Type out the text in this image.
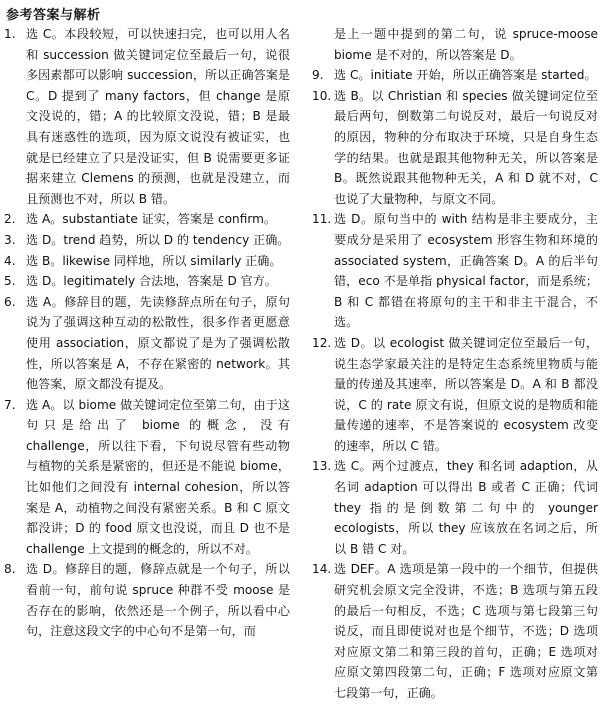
参考答案与解析
1. 选 C。本段较短，可以快速扫完，也可以用人名和 succession 做关键词定位至最后一句，说很多因素都可以影响 succession，所以正确答案是 C。D 提到了 many factors，但 change 是原文没说的，错；A 的比较原文没说，错；B 是最具有迷惑性的选项，因为原文说没有被证实，也就是已经建立了只是没证实，但 B 说需要更多证据来建立 Clemens 的预测，也就是没建立，而且预测也不对，所以 B 错。
2. 选 A。substantiate 证实，答案是 confirm。
3. 选 D。trend 趋势，所以 D 的 tendency 正确。
4. 选 B。likewise 同样地，所以 similarly 正确。
5. 选 D。legitimately 合法地，答案是 D 官方。
6. 选 A。修辞目的题，先读修辞点所在句子，原句说为了强调这种互动的松散性，很多作者更愿意使用 association，原文都说了是为了强调松散性，所以答案是 A，不存在紧密的 network。其他答案，原文都没有提及。
7. 选 A。以 biome 做关键词定位至第二句，由于这句只是给出了 biome 的概念，没有 challenge，所以往下看，下句说尽管有些动物与植物的关系是紧密的，但还是不能说 biome，比如他们之间没有 internal cohesion，所以答案是 A，动植物之间没有紧密关系。B 和 C 原文都没讲；D 的 food 原文也没说，而且 D 也不是 challenge 上文提到的概念的，所以不对。
8. 选 D。修辞目的题，修辞点就是一个句子，所以看前一句，前句说 spruce 种群不受 moose 是否存在的影响，依然还是一个例子，所以看中心句，注意这段文字的中心句不是第一句，而
是上一题中提到的第二句，说 spruce-moose biome 是不对的，所以答案是 D。
9. 选 C。initiate 开始，所以正确答案是 started。
10. 选 B。以 Christian 和 species 做关键词定位至最后两句，倒数第二句说反对，最后一句说反对的原因，物种的分布取决于环境，只是自身生态学的结果。也就是跟其他物种无关，所以答案是 B。既然说跟其他物种无关，A 和 D 就不对，C 也说了大量物种，与原文不同。
11. 选 D。原句当中的 with 结构是非主要成分，主要成分是采用了 ecosystem 形容生物和环境的 associated system，正确答案 D。A 的后半句错，eco 不是单指 physical factor，而是系统；B 和 C 都错在将原句的主干和非主干混合，不选。
12. 选 D。以 ecologist 做关键词定位至最后一句，说生态学家最关注的是特定生态系统里物质与能量的传递及其速率，所以答案是 D。A 和 B 都没说，C 的 rate 原文有说，但原文说的是物质和能量传递的速率，不是答案说的 ecosystem 改变的速率，所以 C 错。
13. 选 C。两个过渡点，they 和名词 adaption，从名词 adaption 可以得出 B 或者 C 正确；代词 they 指的是倒数第二句中的 younger ecologists，所以 they 应该放在名词之后，所以 B 错 C 对。
14. 选 DEF。A 选项是第一段中的一个细节，但提供研究机会原文完全没讲，不选；B 选项与第五段的最后一句相反，不选；C 选项与第七段第三句说反，而且即使说对也是个细节，不选；D 选项对应原文第二和第三段的首句，正确；E 选项对应原文第四段第二句，正确；F 选项对应原文第七段第一句，正确。
